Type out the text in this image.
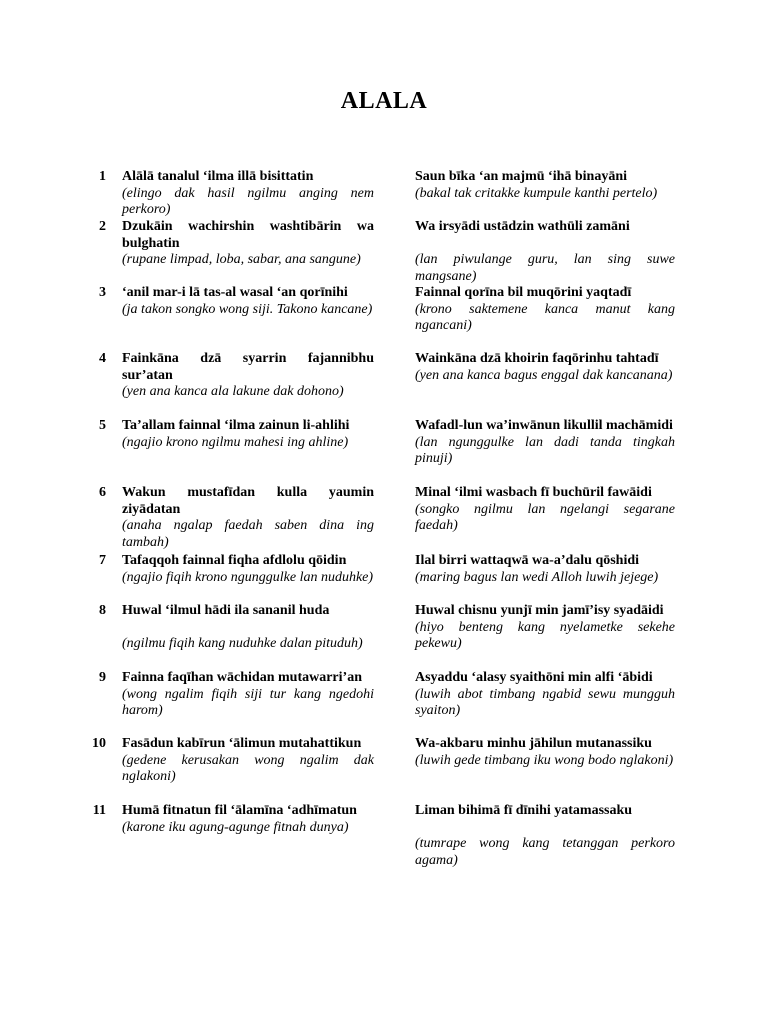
ALALA
1 Alālā tanalul ‘ilma illā bisittatin
(elingo dak hasil ngilmu anging nem perkoro)
Saun bīka ‘an majmū ‘ihā binayāni
(bakal tak critakke kumpule kanthi pertelo)
2 Dzukāin wachirshin washtibārin wa bulghatin
(rupane limpad, loba, sabar, ana sangune)
Wa irsyādi ustādzin wathūli zamāni
(lan piwulange guru, lan sing suwe mangsane)
3 ‘anil mar-i lā tas-al wasal ‘an qorīnihi
(ja takon songko wong siji. Takono kancane)
Fainnal qorīna bil muqōrini yaqtadī
(krono saktemene kanca manut kang ngancani)
4 Fainkāna dzā syarrin fajannibhu sur’atan
(yen ana kanca ala lakune dak dohono)
Wainkāna dzā khoirin faqōrinhu tahtadī
(yen ana kanca bagus enggal dak kancanana)
5 Ta’allam fainnal ‘ilma zainun li-ahlihi
(ngajio krono ngilmu mahesi ing ahline)
Wafadl-lun wa’inwānun likullil machāmidi
(lan ngunggulke lan dadi tanda tingkah pinuji)
6 Wakun mustafīdan kulla yaumin ziyādatan
(anaha ngalap faedah saben dina ing tambah)
Minal ‘ilmi wasbach fī buchūril fawāidi
(songko ngilmu lan ngelangi segarane faedah)
7 Tafaqqoh fainnal fiqha afdlolu qōidin
(ngajio fiqih krono ngunggulke lan nuduhke)
Ilal birri wattaqwā wa-a’dalu qōshidi
(maring bagus lan wedi Alloh luwih jejege)
8 Huwal ‘ilmul hādi ila sananil huda
(ngilmu fiqih kang nuduhke dalan pituduh)
Huwal chisnu yunjī min jamī’isy syadāidi
(hiyo benteng kang nyelametke sekehe pekewu)
9 Fainna faqīhan wāchidan mutawarri’an
(wong ngalim fiqih siji tur kang ngedohi harom)
Asyaddu ‘alasy syaithōni min alfi ‘ābidi
(luwih abot timbang ngabid sewu mungguh syaiton)
10 Fasādun kabīrun ‘ālimun mutahattikun
(gedene kerusakan wong ngalim dak nglakoni)
Wa-akbaru minhu jāhilun mutanassiku
(luwih gede timbang iku wong bodo nglakoni)
11 Humā fitnatun fil ‘ālamīna ‘adhīmatun
(karone iku agung-agunge fitnah dunya)
Liman bihimā fī dīnihi yatamassaku
(tumrape wong kang tetanggan perkoro agama)
